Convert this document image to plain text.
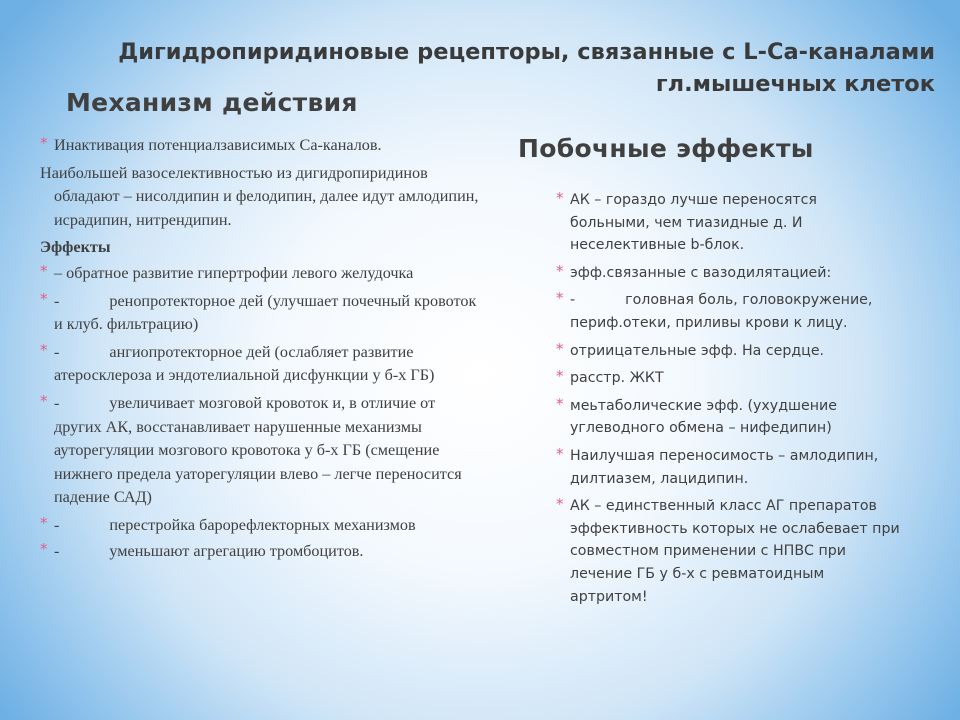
Дигидропиридиновые рецепторы, связанные с L-Ca-каналами
гл.мышечных клеток
Механизм действия
* Инактивация потенциалзависимых Са-каналов.
Наибольшей вазоселективностью из дигидропиридинов обладают – нисолдипин и фелодипин, далее идут амлодипин, исрадипин, нитрендипин.
Эффекты
* – обратное развитие гипертрофии левого желудочка
* -	ренопротекторное дей (улучшает почечный кровоток и клуб. фильтрацию)
* -	ангиопротекторное дей (ослабляет развитие атеросклероза и эндотелиальной дисфункции у б-х ГБ)
* -	увеличивает мозговой кровоток и, в отличие от других АК, восстанавливает нарушенные механизмы ауторегуляции мозгового кровотока у б-х ГБ (смещение нижнего предела уатoрегуляции влево – легче переносится падение САД)
* -	перестройка барорефлекторных механизмов
* -	уменьшают агрегацию тромбоцитов.
Побочные эффекты
* АК – гораздо лучше переносятся больными, чем тиазидные д. И неселективные b-блок.
* эфф.связанные с вазодилятацией:
* -	головная боль, головокружение, периф.отеки, приливы крови к лицу.
* отриицательные эфф. На сердце.
* расстр. ЖКТ
* меьтаболические эфф. (ухудшение углеводного обмена – нифедипин)
* Наилучшая переносимость – амлодипин, дилтиазем, лацидипин.
* АК – единственный класс АГ препаратов эффективность которых не ослабевает при совместном применении с НПВС при лечение ГБ у б-х с ревматоидным артритом!
